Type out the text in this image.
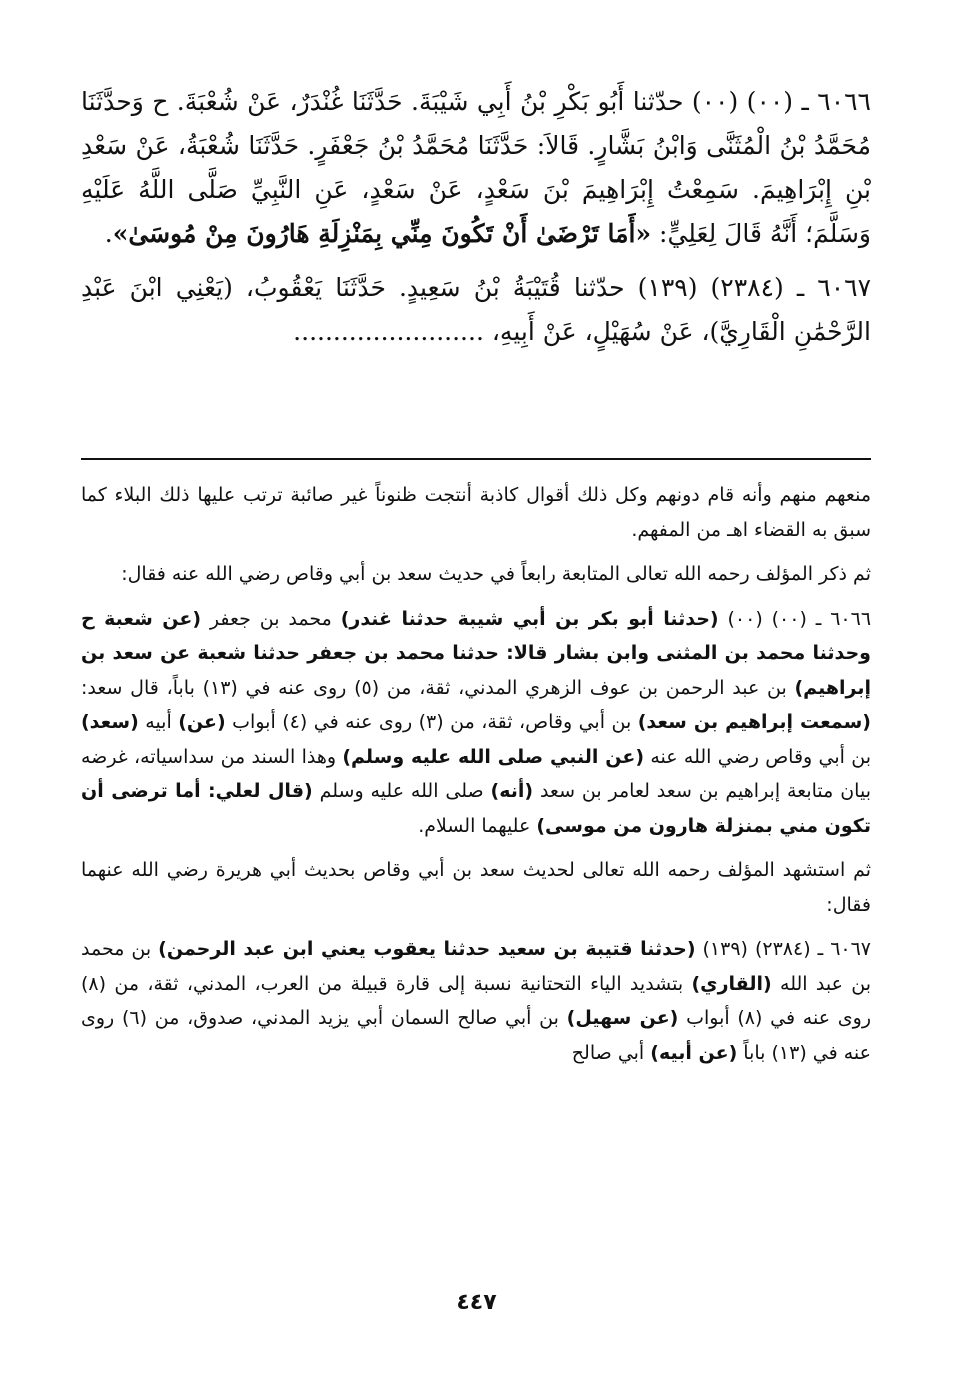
٦٠٦٦ ـ (٠٠) (٠٠) حدّثنا أَبُو بَكْرِ بْنُ أَبِي شَيْبَةَ. حَدَّثَنَا غُنْدَرٌ، عَنْ شُعْبَةَ. ح وَحدَّثَنَا مُحَمَّدُ بْنُ الْمُثَنَّى وَابْنُ بَشَّارٍ. قَالاَ: حَدَّثَنَا مُحَمَّدُ بْنُ جَعْفَرٍ. حَدَّثَنَا شُعْبَةُ، عَنْ سَعْدِ بْنِ إِبْرَاهِيمَ. سَمِعْتُ إِبْرَاهِيمَ بْنَ سَعْدٍ، عَنْ سَعْدٍ، عَنِ النَّبِيِّ صَلَّى اللَّهُ عَلَيْهِ وَسَلَّمَ؛ أَنَّهُ قَالَ لِعَلِيٍّ: «أَمَا تَرْضَىٰ أَنْ تَكُونَ مِنِّي بِمَنْزِلَةِ هَارُونَ مِنْ مُوسَىٰ».

٦٠٦٧ ـ (٢٣٨٤) (١٣٩) حدّثنا قُتَيْبَةُ بْنُ سَعِيدٍ. حَدَّثَنَا يَعْقُوبُ، (يَعْنِي ابْنَ عَبْدِ الرَّحْمَٰنِ الْقَارِيَّ)، عَنْ سُهَيْلٍ، عَنْ أَبِيهِ، ........................

منعهم منهم وأنه قام دونهم وكل ذلك أقوال كاذبة أنتجت ظنوناً غير صائبة ترتب عليها ذلك البلاء كما سبق به القضاء اهـ من المفهم.

ثم ذكر المؤلف رحمه الله تعالى المتابعة رابعاً في حديث سعد بن أبي وقاص رضي الله عنه فقال:

٦٠٦٦ ـ (٠٠) (٠٠) (حدثنا أبو بكر بن أبي شيبة حدثنا غندر) محمد بن جعفر (عن شعبة ح وحدثنا محمد بن المثنى وابن بشار قالا: حدثنا محمد بن جعفر حدثنا شعبة عن سعد بن إبراهيم) بن عبد الرحمن بن عوف الزهري المدني، ثقة، من (٥) روى عنه في (١٣) باباً، قال سعد: (سمعت إبراهيم بن سعد) بن أبي وقاص، ثقة، من (٣) روى عنه في (٤) أبواب (عن) أبيه (سعد) بن أبي وقاص رضي الله عنه (عن النبي صلى الله عليه وسلم) وهذا السند من سداسياته، غرضه بيان متابعة إبراهيم بن سعد لعامر بن سعد (أنه) صلى الله عليه وسلم (قال لعلي: أما ترضى أن تكون مني بمنزلة هارون من موسى) عليهما السلام.

ثم استشهد المؤلف رحمه الله تعالى لحديث سعد بن أبي وقاص بحديث أبي هريرة رضي الله عنهما فقال:

٦٠٦٧ ـ (٢٣٨٤) (١٣٩) (حدثنا قتيبة بن سعيد حدثنا يعقوب يعني ابن عبد الرحمن) بن محمد بن عبد الله (القاري) بتشديد الياء التحتانية نسبة إلى قارة قبيلة من العرب، المدني، ثقة، من (٨) روى عنه في (٨) أبواب (عن سهيل) بن أبي صالح السمان أبي يزيد المدني، صدوق، من (٦) روى عنه في (١٣) باباً (عن أبيه) أبي صالح

٤٤٧
